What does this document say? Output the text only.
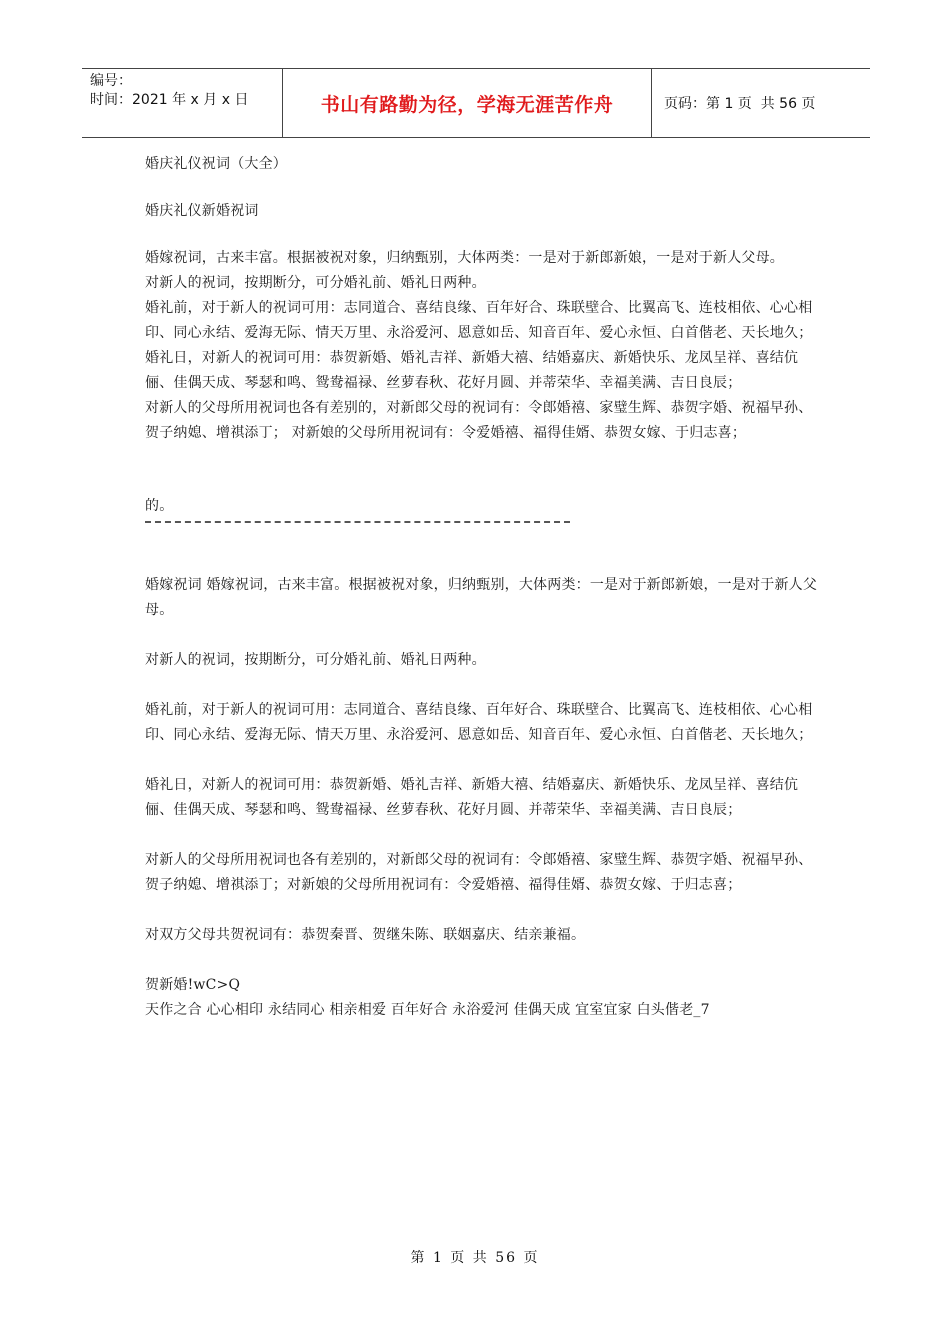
编号：
时间：2021 年 x 月 x 日	书山有路勤为径，学海无涯苦作舟	页码：第 1 页  共 56 页

婚庆礼仪祝词（大全）

婚庆礼仪新婚祝词

婚嫁祝词，古来丰富。根据被祝对象，归纳甄别，大体两类：一是对于新郎新娘，一是对于新人父母。

对新人的祝词，按期断分，可分婚礼前、婚礼日两种。

婚礼前，对于新人的祝词可用：志同道合、喜结良缘、百年好合、珠联壁合、比翼高飞、连枝相依、心心相印、同心永结、爱海无际、情天万里、永浴爱河、恩意如岳、知音百年、爱心永恒、白首偕老、天长地久；

婚礼日，对新人的祝词可用：恭贺新婚、婚礼吉祥、新婚大禧、结婚嘉庆、新婚快乐、龙凤呈祥、喜结伉俪、佳偶天成、琴瑟和鸣、鸳鸯福禄、丝萝春秋、花好月圆、并蒂荣华、幸福美满、吉日良辰；

对新人的父母所用祝词也各有差别的，对新郎父母的祝词有：令郎婚禧、家璧生辉、恭贺字婚、祝福早孙、贺子纳媳、增祺添丁； 对新娘的父母所用祝词有：令爱婚禧、福得佳婿、恭贺女嫁、于归志喜；

的。

婚嫁祝词 婚嫁祝词，古来丰富。根据被祝对象，归纳甄别，大体两类：一是对于新郎新娘，一是对于新人父母。

对新人的祝词，按期断分，可分婚礼前、婚礼日两种。

婚礼前，对于新人的祝词可用：志同道合、喜结良缘、百年好合、珠联壁合、比翼高飞、连枝相依、心心相印、同心永结、爱海无际、情天万里、永浴爱河、恩意如岳、知音百年、爱心永恒、白首偕老、天长地久；

婚礼日，对新人的祝词可用：恭贺新婚、婚礼吉祥、新婚大禧、结婚嘉庆、新婚快乐、龙凤呈祥、喜结伉俪、佳偶天成、琴瑟和鸣、鸳鸯福禄、丝萝春秋、花好月圆、并蒂荣华、幸福美满、吉日良辰；

对新人的父母所用祝词也各有差别的，对新郎父母的祝词有：令郎婚禧、家璧生辉、恭贺字婚、祝福早孙、贺子纳媳、增祺添丁；对新娘的父母所用祝词有：令爱婚禧、福得佳婿、恭贺女嫁、于归志喜；

对双方父母共贺祝词有：恭贺秦晋、贺继朱陈、联姻嘉庆、结亲兼福。

贺新婚!wC>Q

天作之合 心心相印 永结同心 相亲相爱 百年好合 永浴爱河 佳偶天成 宜室宜家 白头偕老_7

第 1 页 共 56 页
